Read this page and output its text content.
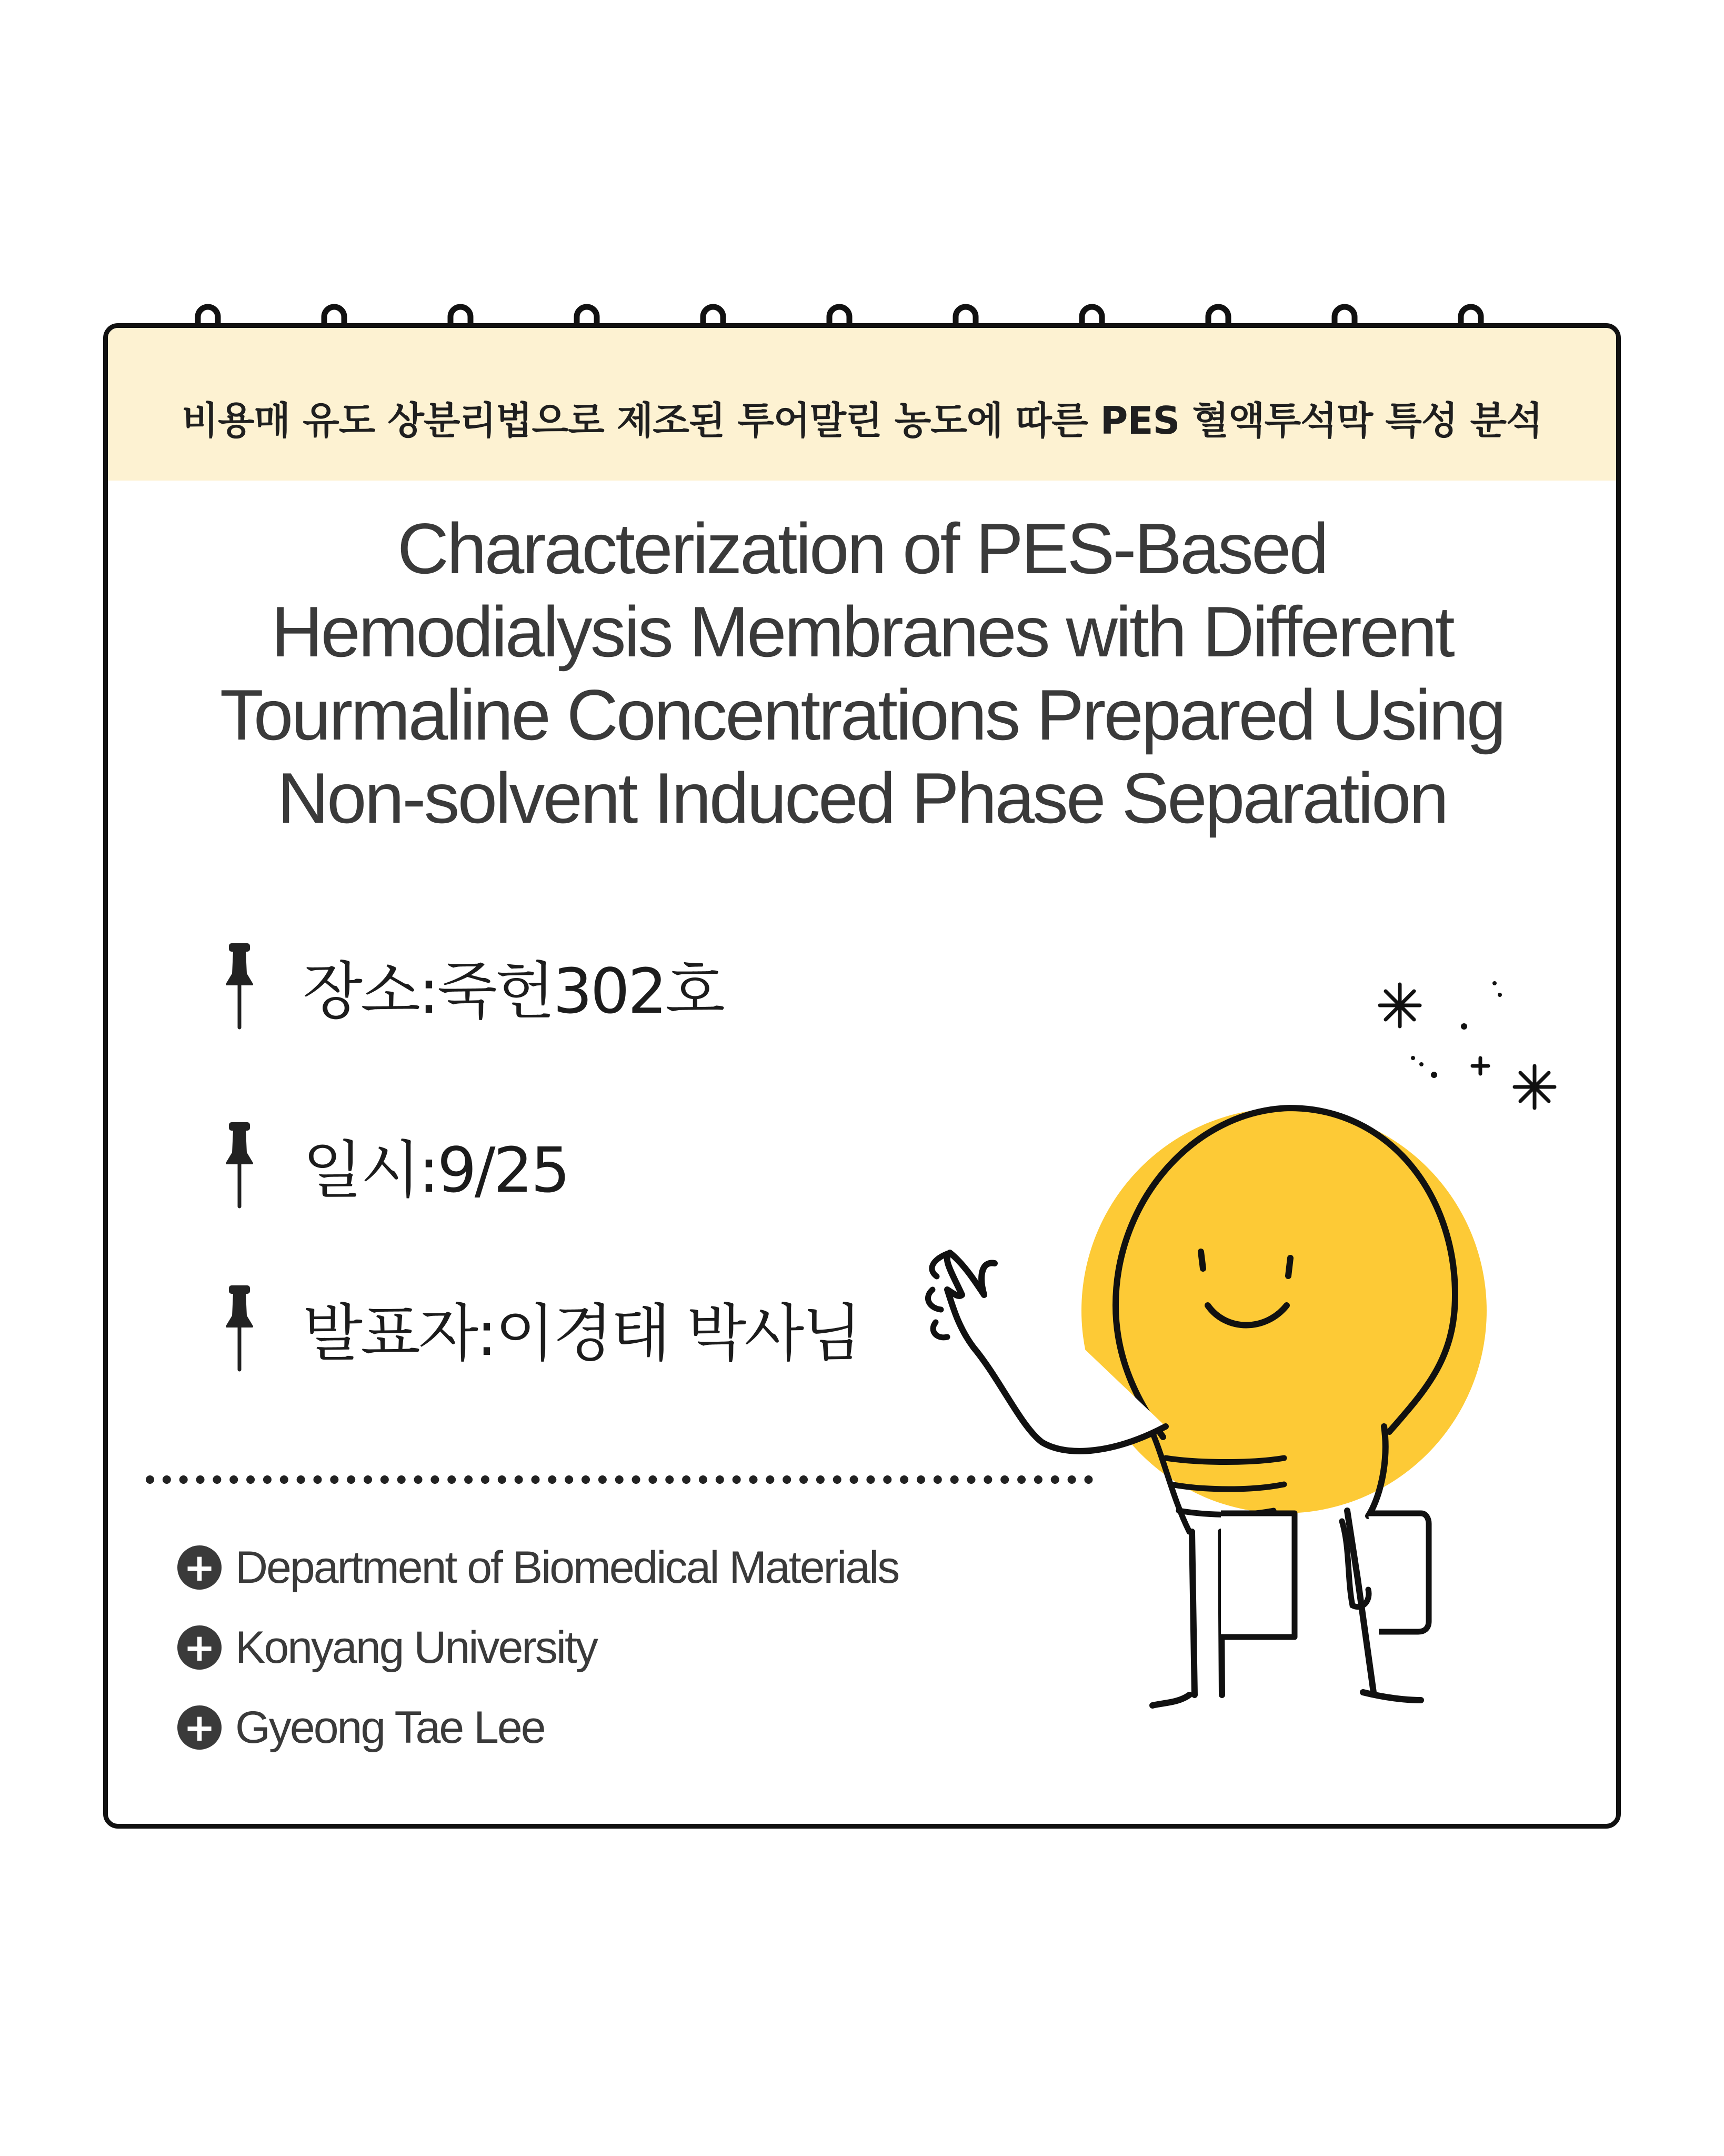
비용매 유도 상분리법으로 제조된 투어말린 농도에 따른 PES 혈액투석막 특성 분석
Characterization of PES-Based
Hemodialysis Membranes with Different
Tourmaline Concentrations Prepared Using
Non-solvent Induced Phase Separation
장소:죽헌302호
일시:9/25
발표자:이경태 박사님
+ Department of Biomedical Materials
+ Konyang University
+ Gyeong Tae Lee
